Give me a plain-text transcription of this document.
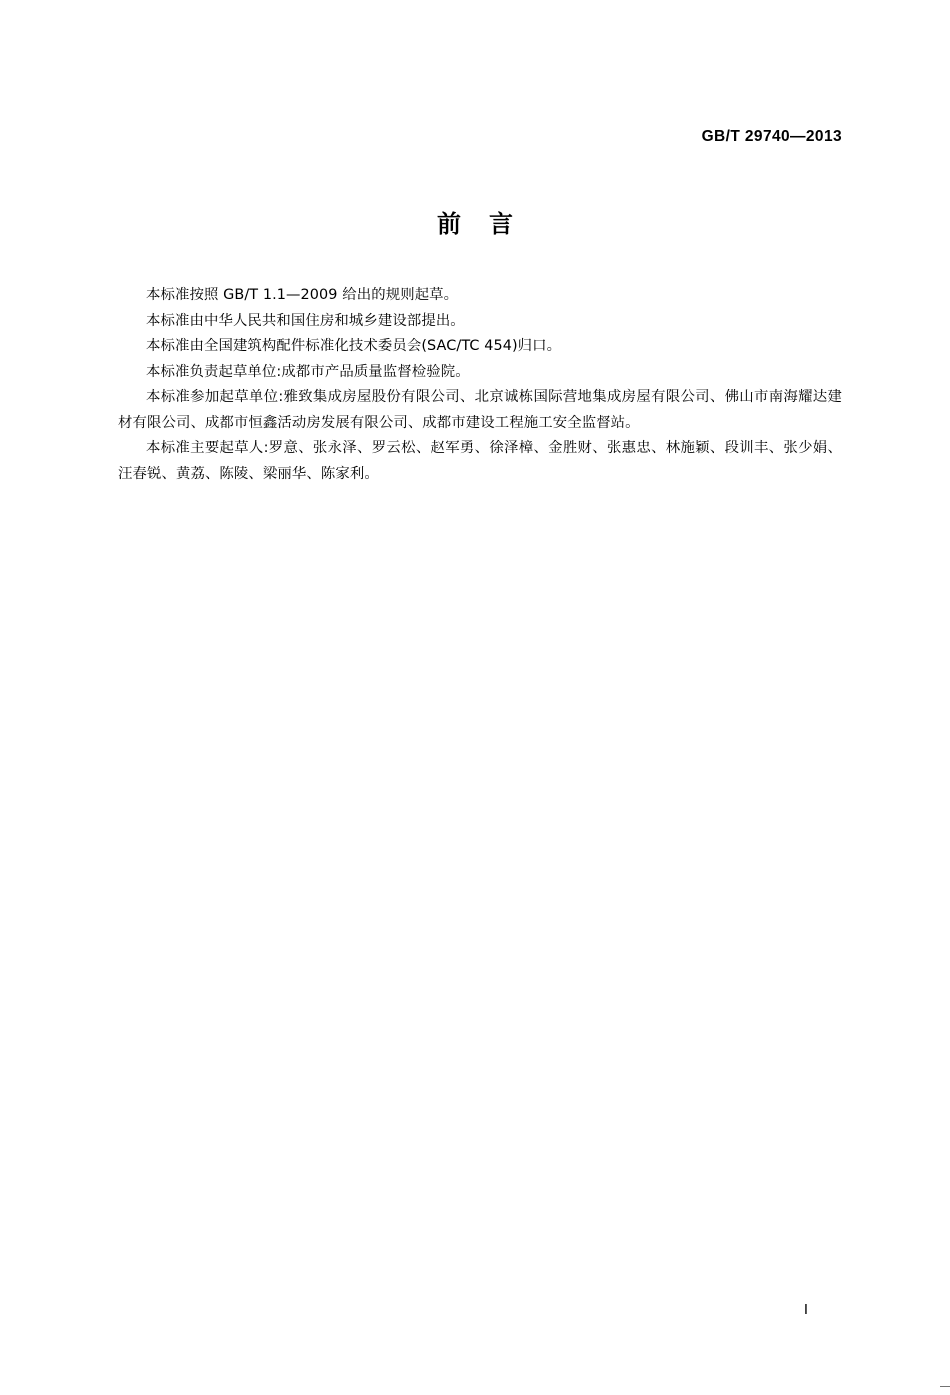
GB/T 29740—2013
前言

本标准按照 GB/T 1.1—2009 给出的规则起草。

本标准由中华人民共和国住房和城乡建设部提出。

本标准由全国建筑构配件标准化技术委员会(SAC/TC 454)归口。

本标准负责起草单位:成都市产品质量监督检验院。

本标准参加起草单位:雅致集成房屋股份有限公司、北京诚栋国际营地集成房屋有限公司、佛山市南海耀达建材有限公司、成都市恒鑫活动房发展有限公司、成都市建设工程施工安全监督站。

本标准主要起草人:罗意、张永泽、罗云松、赵军勇、徐泽樟、金胜财、张惠忠、林施颖、段训丰、张少娟、汪春锐、黄荔、陈陵、梁丽华、陈家利。

Ⅰ
